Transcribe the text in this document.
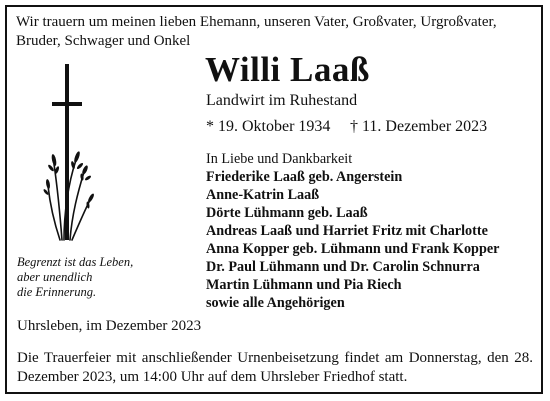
Wir trauern um meinen lieben Ehemann, unseren Vater, Großvater, Urgroßvater, Bruder, Schwager und Onkel
Willi Laaß
Landwirt im Ruhestand
* 19. Oktober 1934 † 11. Dezember 2023
In Liebe und Dankbarkeit
Friederike Laaß geb. Angerstein
Anne-Katrin Laaß
Dörte Lühmann geb. Laaß
Andreas Laaß und Harriet Fritz mit Charlotte
Anna Kopper geb. Lühmann und Frank Kopper
Dr. Paul Lühmann und Dr. Carolin Schnurra
Martin Lühmann und Pia Riech
sowie alle Angehörigen
Begrenzt ist das Leben,
aber unendlich
die Erinnerung.
Uhrsleben, im Dezember 2023
Die Trauerfeier mit anschließender Urnenbeisetzung findet am Donnerstag, den 28. Dezember 2023, um 14:00 Uhr auf dem Uhrsleber Friedhof statt.
